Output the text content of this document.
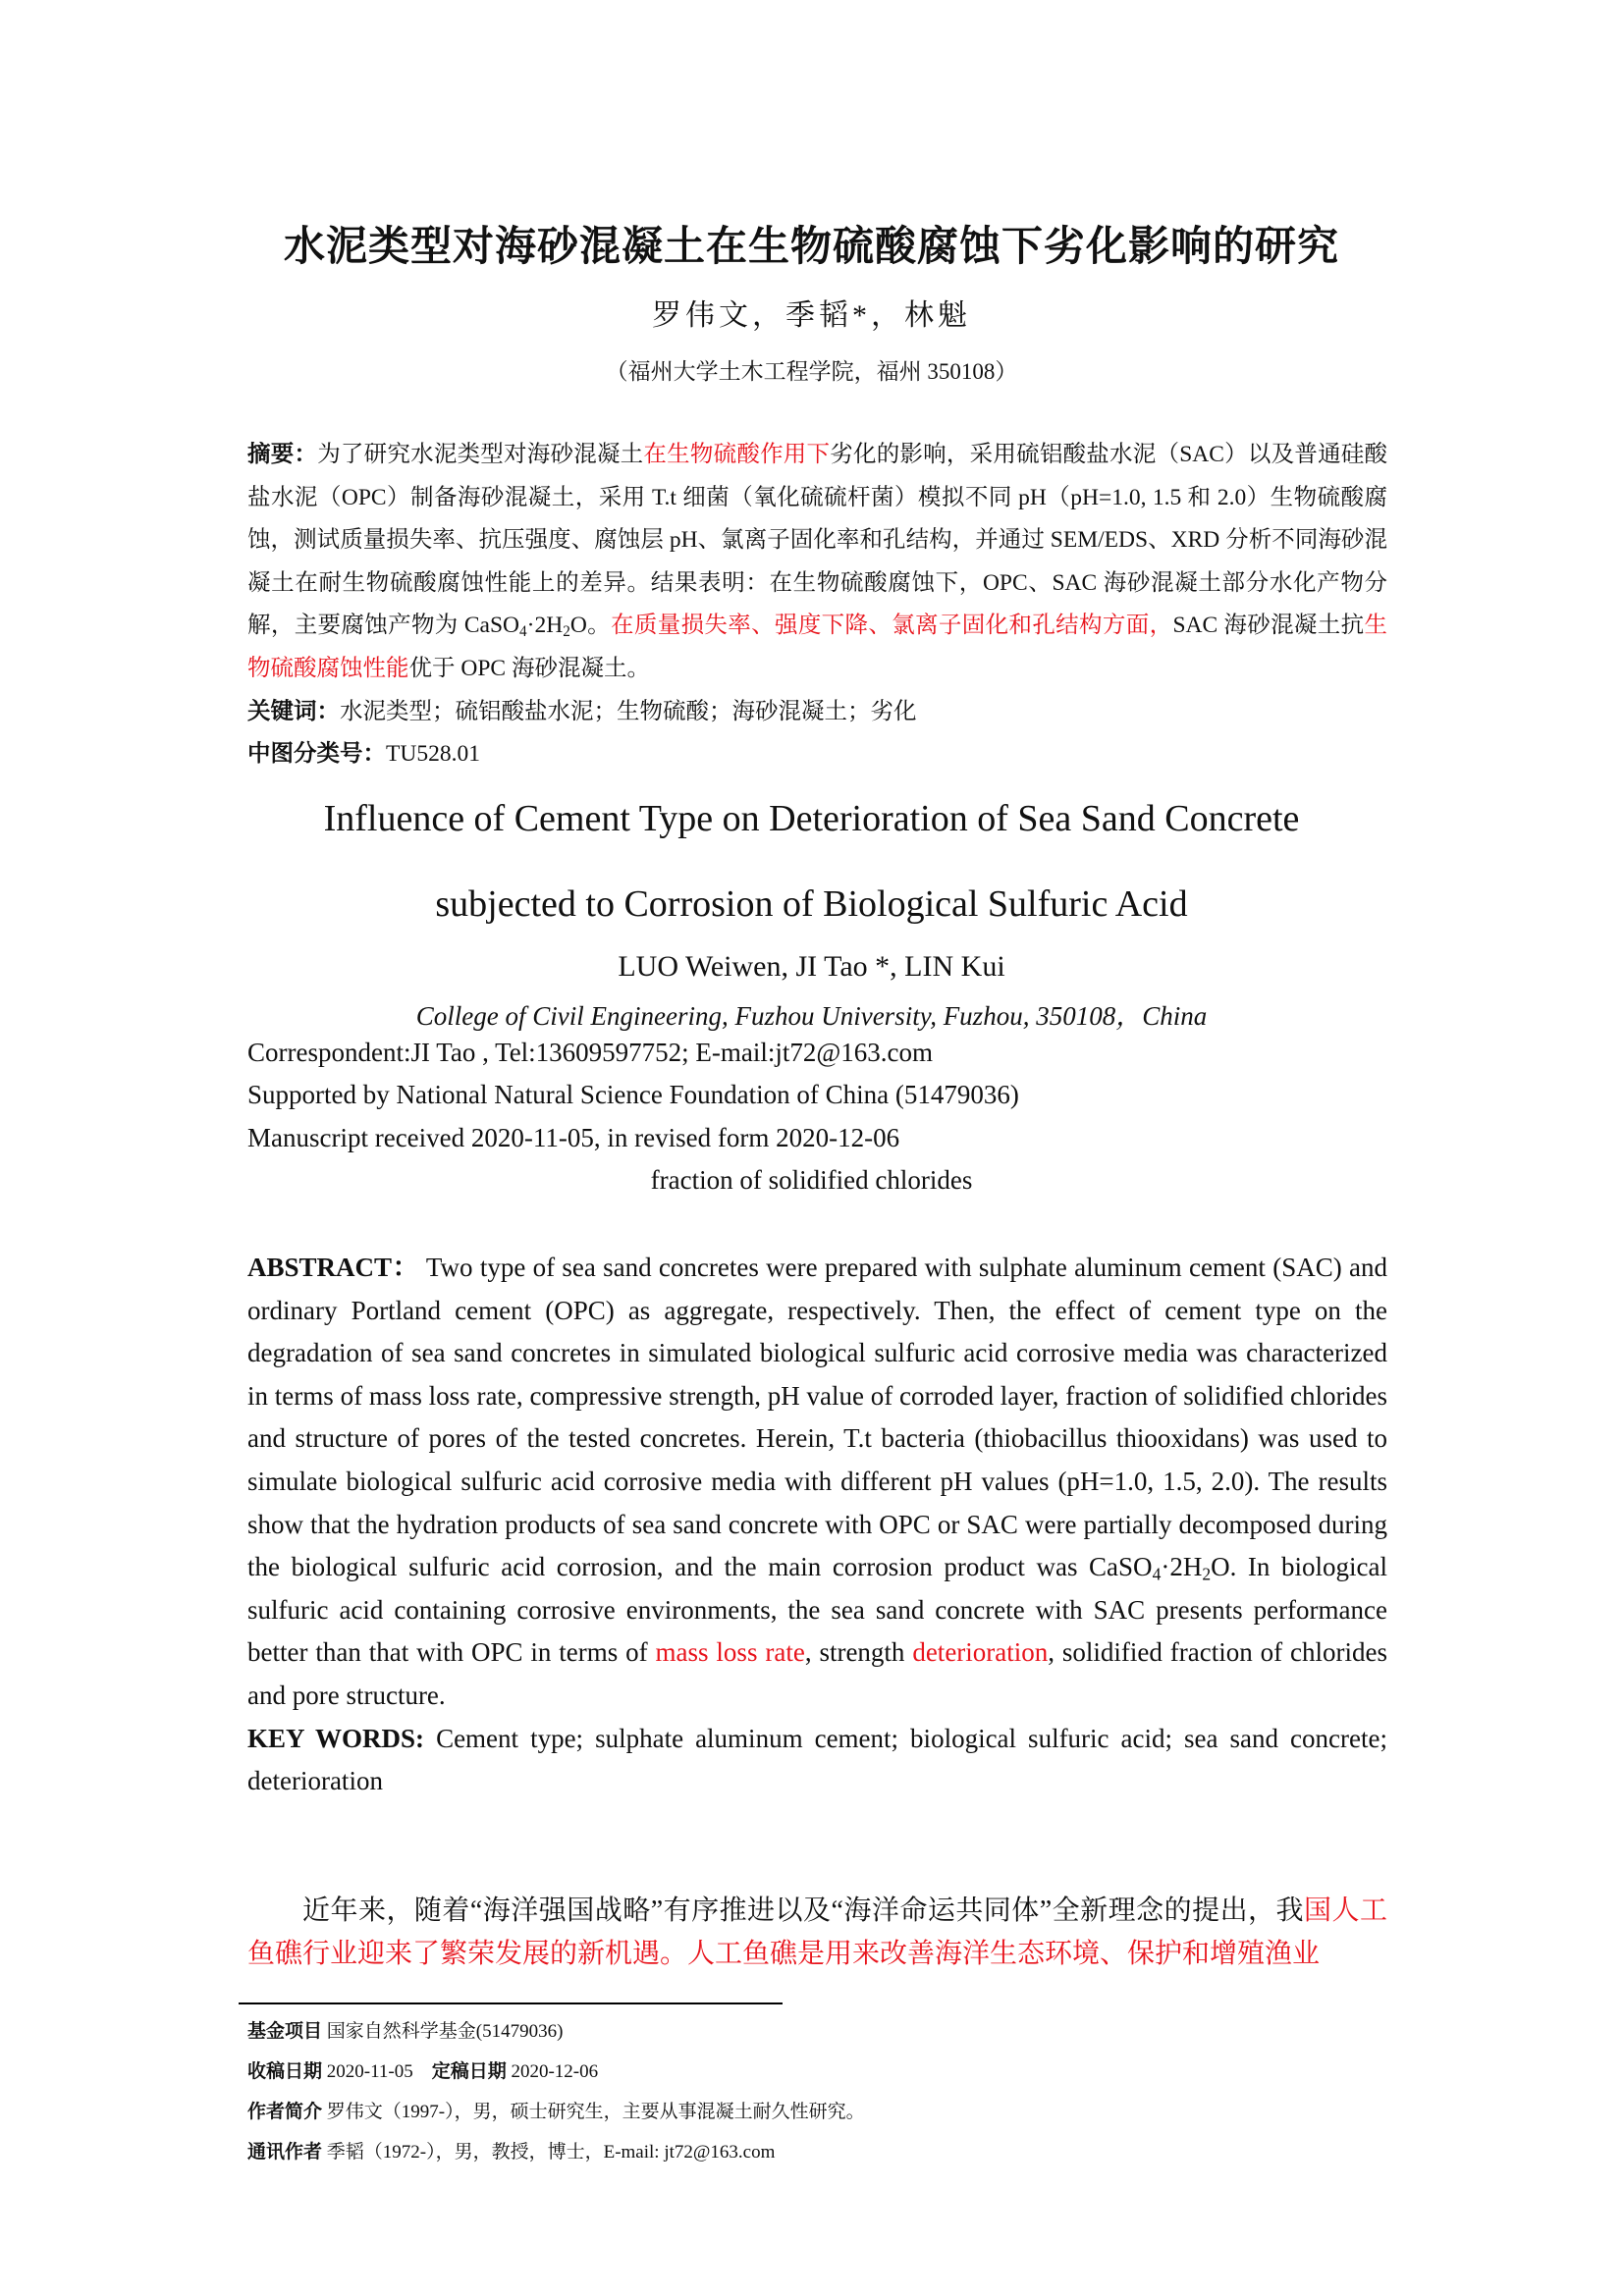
水泥类型对海砂混凝土在生物硫酸腐蚀下劣化影响的研究
罗伟文，季韬*，林魁
（福州大学土木工程学院，福州 350108）
摘要：为了研究水泥类型对海砂混凝土在生物硫酸作用下劣化的影响，采用硫铝酸盐水泥（SAC）以及普通硅酸盐水泥（OPC）制备海砂混凝土，采用 T.t 细菌（氧化硫硫杆菌）模拟不同 pH（pH=1.0, 1.5 和 2.0）生物硫酸腐蚀，测试质量损失率、抗压强度、腐蚀层 pH、氯离子固化率和孔结构，并通过 SEM/EDS、XRD 分析不同海砂混凝土在耐生物硫酸腐蚀性能上的差异。结果表明：在生物硫酸腐蚀下，OPC、SAC 海砂混凝土部分水化产物分解，主要腐蚀产物为 $CaSO_4\cdot 2H_2O$。在质量损失率、强度下降、氯离子固化和孔结构方面，SAC 海砂混凝土抗生物硫酸腐蚀性能优于 OPC 海砂混凝土。
关键词：水泥类型；硫铝酸盐水泥；生物硫酸；海砂混凝土；劣化
中图分类号：TU528.01
Influence of Cement Type on Deterioration of Sea Sand Concrete
subjected to Corrosion of Biological Sulfuric Acid
LUO Weiwen, JI Tao *, LIN Kui
College of Civil Engineering, Fuzhou University, Fuzhou, 350108，China
Correspondent:JI Tao , Tel:13609597752; E-mail:jt72@163.com
Supported by National Natural Science Foundation of China (51479036)
Manuscript received 2020-11-05, in revised form 2020-12-06
fraction of solidified chlorides
ABSTRACT： Two type of sea sand concretes were prepared with sulphate aluminum cement (SAC) and ordinary Portland cement (OPC) as aggregate, respectively. Then, the effect of cement type on the degradation of sea sand concretes in simulated biological sulfuric acid corrosive media was characterized in terms of mass loss rate, compressive strength, pH value of corroded layer, fraction of solidified chlorides and structure of pores of the tested concretes. Herein, T.t bacteria (thiobacillus thiooxidans) was used to simulate biological sulfuric acid corrosive media with different pH values (pH=1.0, 1.5, 2.0). The results show that the hydration products of sea sand concrete with OPC or SAC were partially decomposed during the biological sulfuric acid corrosion, and the main corrosion product was $CaSO_4\cdot 2H_2O$. In biological sulfuric acid containing corrosive environments, the sea sand concrete with SAC presents performance better than that with OPC in terms of mass loss rate, strength deterioration, solidified fraction of chlorides and pore structure.
KEY WORDS: Cement type; sulphate aluminum cement; biological sulfuric acid; sea sand concrete; deterioration
近年来，随着“海洋强国战略”有序推进以及“海洋命运共同体”全新理念的提出，我国人工鱼礁行业迎来了繁荣发展的新机遇。人工鱼礁是用来改善海洋生态环境、保护和增殖渔业
基金项目 国家自然科学基金(51479036)
收稿日期 2020-11-05 定稿日期 2020-12-06
作者简介 罗伟文（1997-），男，硕士研究生，主要从事混凝土耐久性研究。
通讯作者 季韬（1972-），男，教授，博士，E-mail: jt72@163.com
